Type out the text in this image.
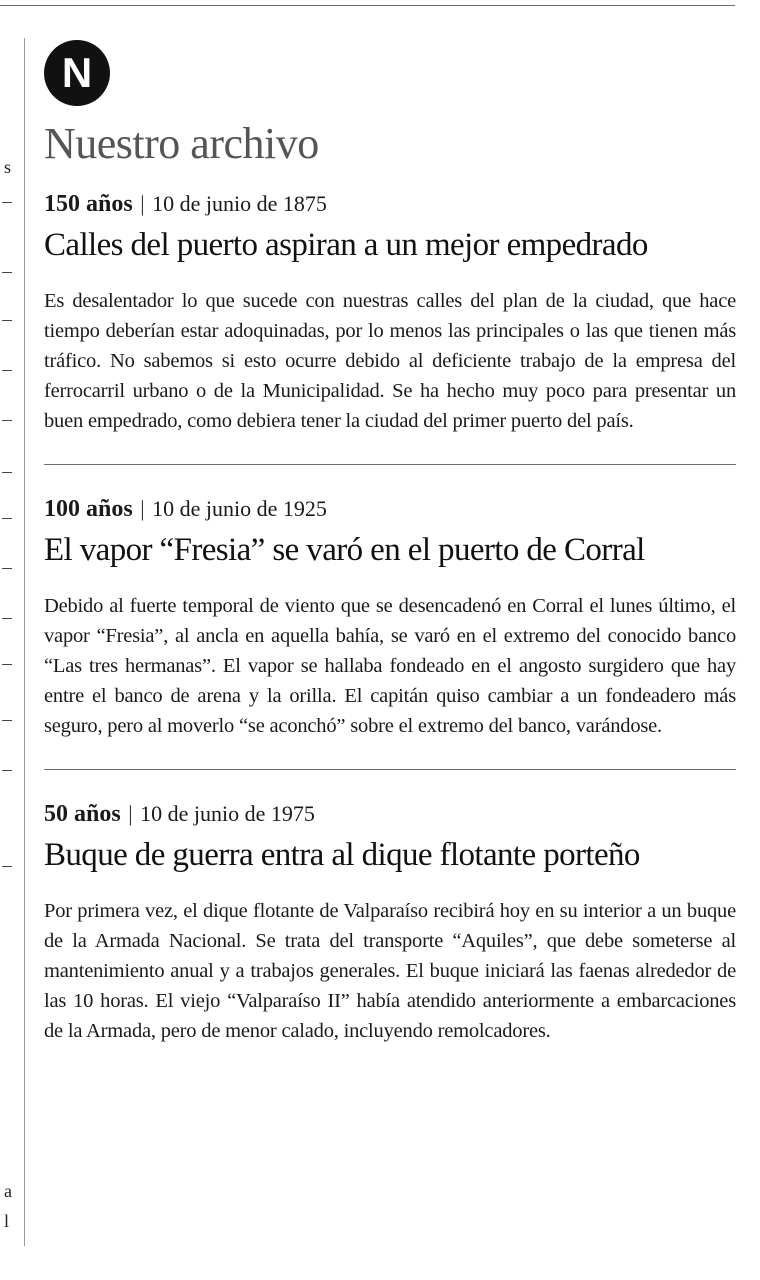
s
a
l
N
Nuestro archivo
150 años | 10 de junio de 1875
Calles del puerto aspiran a un mejor empedrado

Es desalentador lo que sucede con nuestras calles del plan de la ciudad, que hace tiempo deberían estar adoquinadas, por lo menos las principales o las que tienen más tráfico. No sabemos si esto ocurre debido al deficiente trabajo de la empresa del ferrocarril urbano o de la Municipalidad. Se ha hecho muy poco para presentar un buen empedrado, como debiera tener la ciudad del primer puerto del país.

100 años | 10 de junio de 1925
El vapor “Fresia” se varó en el puerto de Corral

Debido al fuerte temporal de viento que se desencadenó en Corral el lunes último, el vapor “Fresia”, al ancla en aquella bahía, se varó en el extremo del conocido banco “Las tres hermanas”. El vapor se hallaba fondeado en el angosto surgidero que hay entre el banco de arena y la orilla. El capitán quiso cambiar a un fondeadero más seguro, pero al moverlo “se aconchó” sobre el extremo del banco, varándose.

50 años | 10 de junio de 1975
Buque de guerra entra al dique flotante porteño

Por primera vez, el dique flotante de Valparaíso recibirá hoy en su interior a un buque de la Armada Nacional. Se trata del transporte “Aquiles”, que debe someterse al mantenimiento anual y a trabajos generales. El buque iniciará las faenas alrededor de las 10 horas. El viejo “Valparaíso II” había atendido anteriormente a embarcaciones de la Armada, pero de menor calado, incluyendo remolcadores.
